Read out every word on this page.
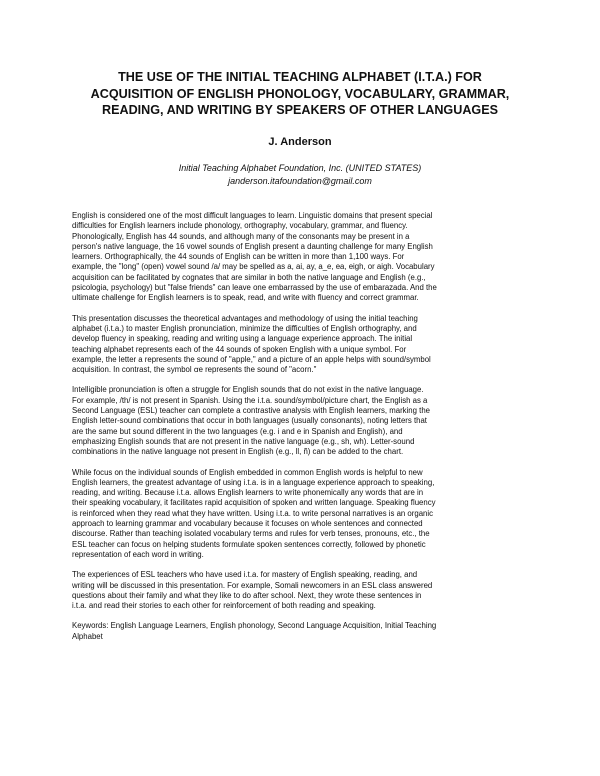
THE USE OF THE INITIAL TEACHING ALPHABET (I.T.A.) FOR
ACQUISITION OF ENGLISH PHONOLOGY, VOCABULARY, GRAMMAR,
READING, AND WRITING BY SPEAKERS OF OTHER LANGUAGES
J. Anderson
Initial Teaching Alphabet Foundation, Inc. (UNITED STATES)
janderson.itafoundation@gmail.com

English is considered one of the most difficult languages to learn. Linguistic domains that present special
difficulties for English learners include phonology, orthography, vocabulary, grammar, and fluency.
Phonologically, English has 44 sounds, and although many of the consonants may be present in a
person's native language, the 16 vowel sounds of English present a daunting challenge for many English
learners. Orthographically, the 44 sounds of English can be written in more than 1,100 ways. For
example, the "long" (open) vowel sound /a/ may be spelled as a, ai, ay, a_e, ea, eigh, or aigh. Vocabulary
acquisition can be facilitated by cognates that are similar in both the native language and English (e.g.,
psicologia, psychology) but "false friends" can leave one embarrassed by the use of embarazada. And the
ultimate challenge for English learners is to speak, read, and write with fluency and correct grammar.

This presentation discusses the theoretical advantages and methodology of using the initial teaching
alphabet (i.t.a.) to master English pronunciation, minimize the difficulties of English orthography, and
develop fluency in speaking, reading and writing using a language experience approach. The initial
teaching alphabet represents each of the 44 sounds of spoken English with a unique symbol. For
example, the letter a represents the sound of "apple," and a picture of an apple helps with sound/symbol
acquisition. In contrast, the symbol ꭤe represents the sound of "acorn."

Intelligible pronunciation is often a struggle for English sounds that do not exist in the native language.
For example, /th/ is not present in Spanish. Using the i.t.a. sound/symbol/picture chart, the English as a
Second Language (ESL) teacher can complete a contrastive analysis with English learners, marking the
English letter-sound combinations that occur in both languages (usually consonants), noting letters that
are the same but sound different in the two languages (e.g. i and e in Spanish and English), and
emphasizing English sounds that are not present in the native language (e.g., sh, wh). Letter-sound
combinations in the native language not present in English (e.g., ll, ñ) can be added to the chart.

While focus on the individual sounds of English embedded in common English words is helpful to new
English learners, the greatest advantage of using i.t.a. is in a language experience approach to speaking,
reading, and writing. Because i.t.a. allows English learners to write phonemically any words that are in
their speaking vocabulary, it facilitates rapid acquisition of spoken and written language. Speaking fluency
is reinforced when they read what they have written. Using i.t.a. to write personal narratives is an organic
approach to learning grammar and vocabulary because it focuses on whole sentences and connected
discourse. Rather than teaching isolated vocabulary terms and rules for verb tenses, pronouns, etc., the
ESL teacher can focus on helping students formulate spoken sentences correctly, followed by phonetic
representation of each word in writing.

The experiences of ESL teachers who have used i.t.a. for mastery of English speaking, reading, and
writing will be discussed in this presentation. For example, Somali newcomers in an ESL class answered
questions about their family and what they like to do after school. Next, they wrote these sentences in
i.t.a. and read their stories to each other for reinforcement of both reading and speaking.

Keywords: English Language Learners, English phonology, Second Language Acquisition, Initial Teaching
Alphabet
